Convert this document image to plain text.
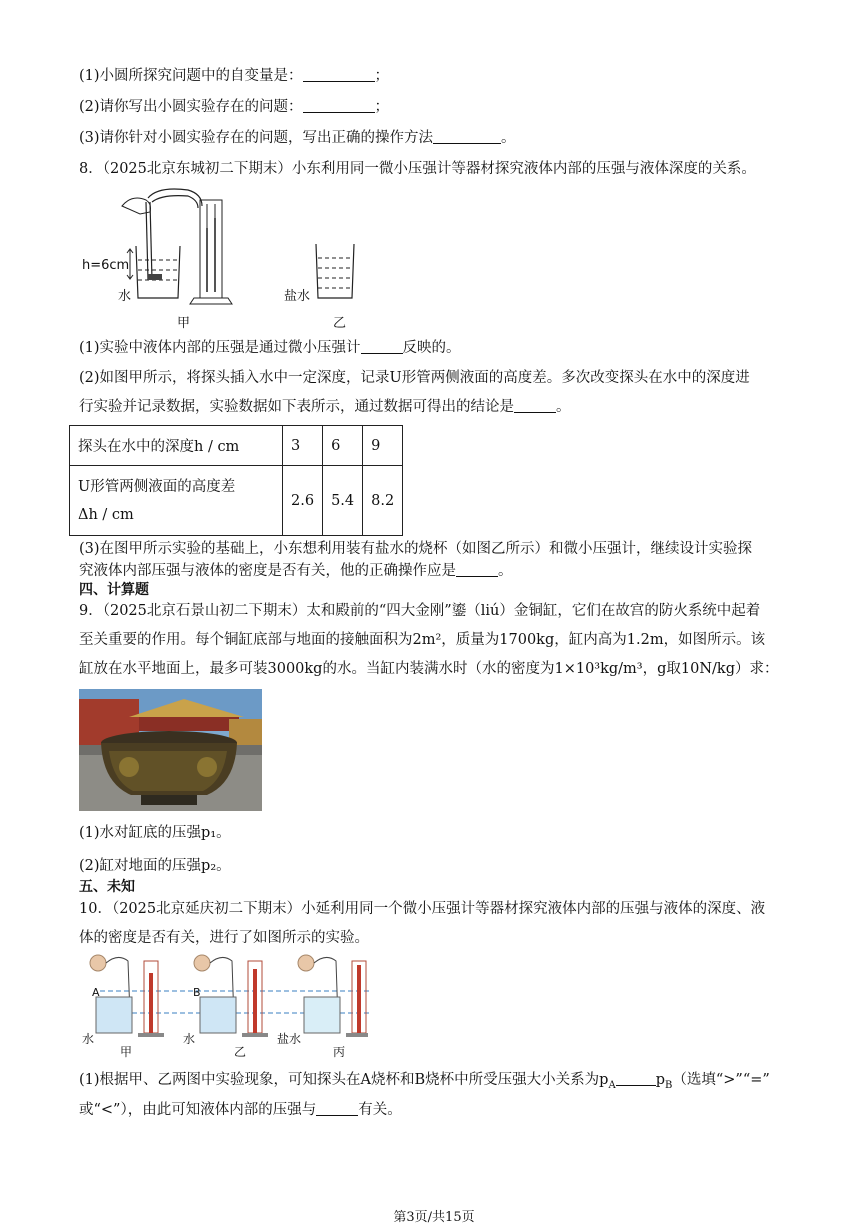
(1)小圆所探究问题中的自变量是：	；
(2)请你写出小圆实验存在的问题：	；
(3)请你针对小圆实验存在的问题，写出正确的操作方法	。
8．（2025北京东城初二下期末）小东利用同一微小压强计等器材探究液体内部的压强与液体深度的关系。
h=6cm
水
甲
盐水
乙
(1)实验中液体内部的压强是通过微小压强计	反映的。
(2)如图甲所示，将探头插入水中一定深度，记录U形管两侧液面的高度差。多次改变探头在水中的深度进
行实验并记录数据，实验数据如下表所示，通过数据可得出的结论是	。
探头在水中的深度h / cm	3	6	9

U形管两侧液面的高度差
Δh / cm	2.6	5.4	8.2
(3)在图甲所示实验的基础上，小东想利用装有盐水的烧杯（如图乙所示）和微小压强计，继续设计实验探
究液体内部压强与液体的密度是否有关，他的正确操作应是	。
四、计算题
9．（2025北京石景山初二下期末）太和殿前的“四大金刚”鎏（liú）金铜缸，它们在故宫的防火系统中起着
至关重要的作用。每个铜缸底部与地面的接触面积为2m²，质量为1700kg，缸内高为1.2m，如图所示。该
缸放在水平地面上，最多可装3000kg的水。当缸内装满水时（水的密度为1×10³kg/m³，g取10N/kg）求：
(1)水对缸底的压强p₁。
(2)缸对地面的压强p₂。
五、未知
10．（2025北京延庆初二下期末）小延利用同一个微小压强计等器材探究液体内部的压强与液体的深度、液
体的密度是否有关，进行了如图所示的实验。
A	B
水	水	盐水
甲	乙	丙
(1)根据甲、乙两图中实验现象，可知探头在A烧杯和B烧杯中所受压强大小关系为$p_A$	$p_B$（选填“>”“=”
或“<”），由此可知液体内部的压强与	有关。
第3页/共15页
